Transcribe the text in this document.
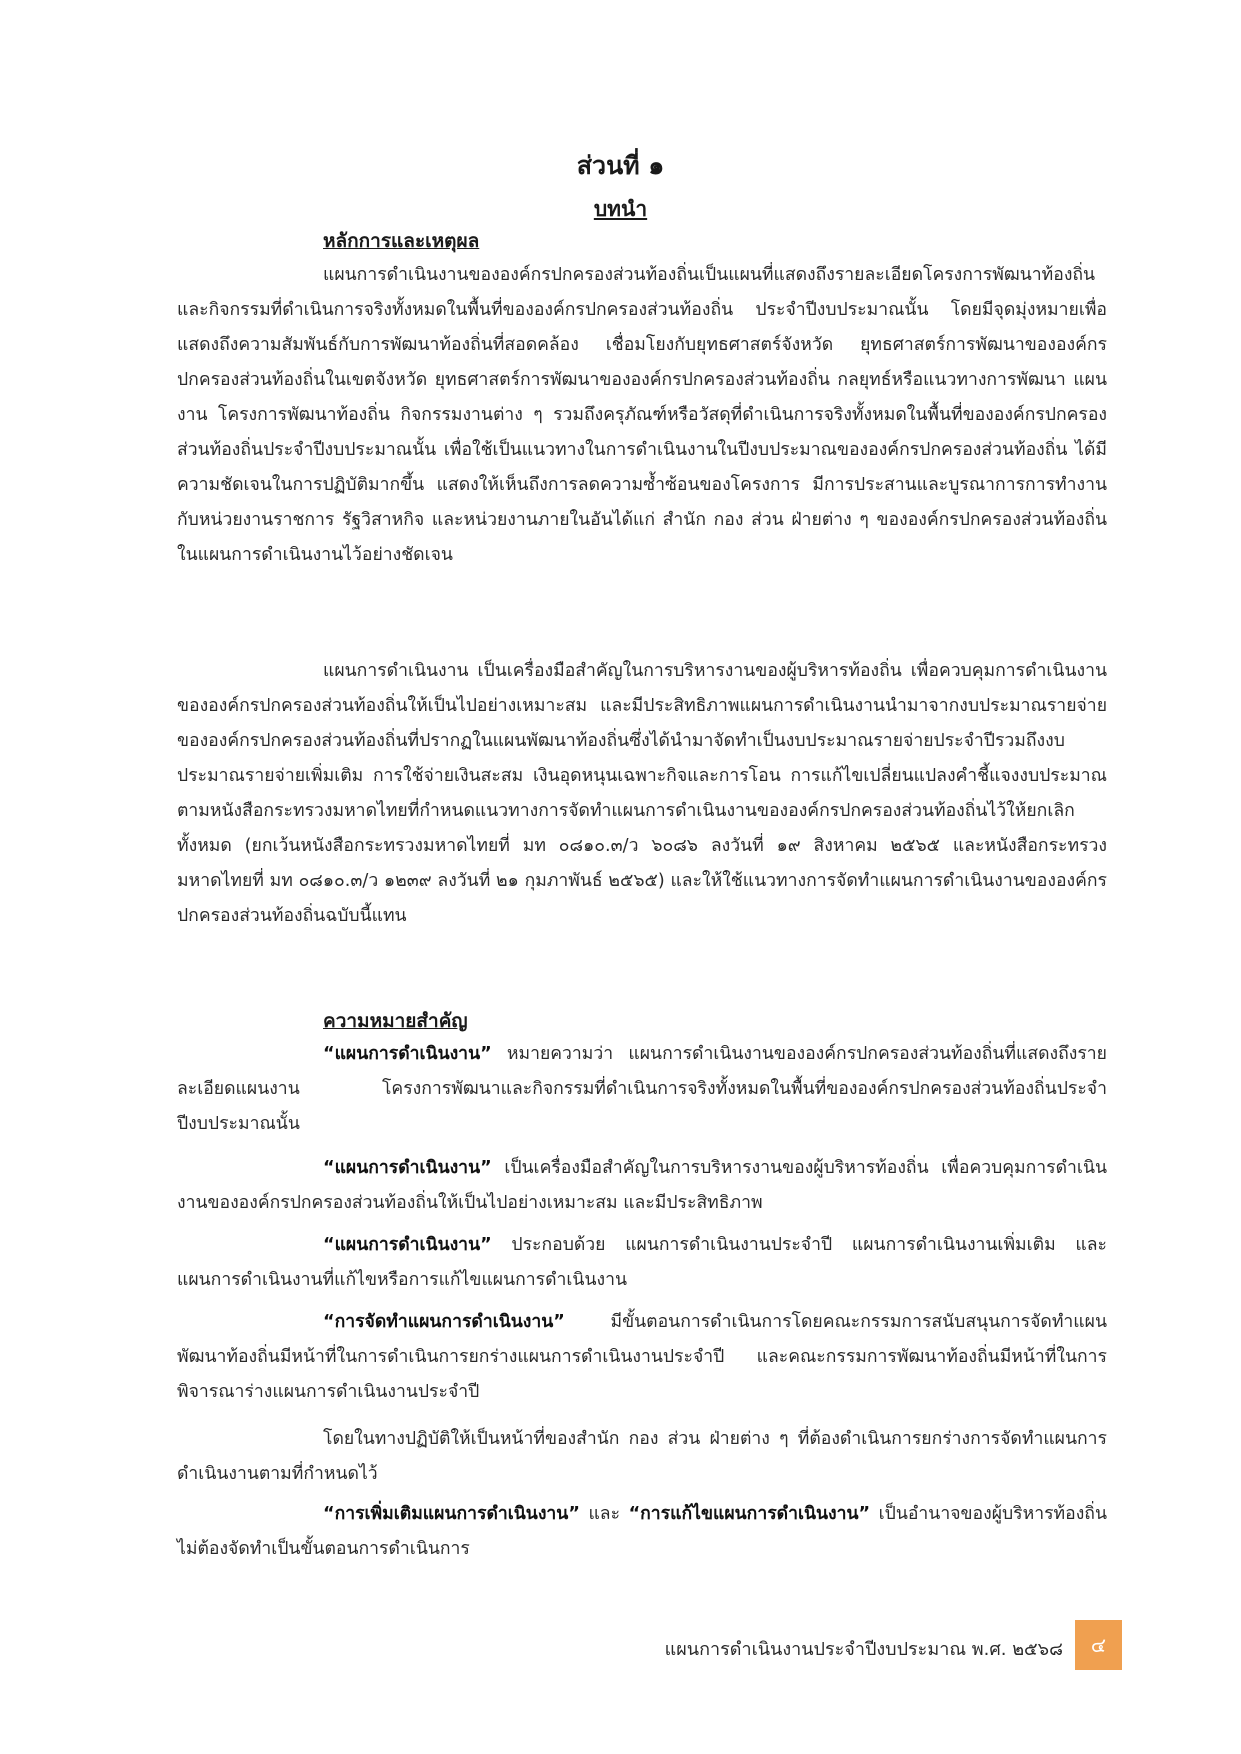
ส่วนที่ ๑
บทนำ
หลักการและเหตุผล

แผนการดำเนินงานขององค์กรปกครองส่วนท้องถิ่นเป็นแผนที่แสดงถึงรายละเอียดโครงการพัฒนาท้องถิ่นและกิจกรรมที่ดำเนินการจริงทั้งหมดในพื้นที่ขององค์กรปกครองส่วนท้องถิ่น ประจำปีงบประมาณนั้น โดยมีจุดมุ่งหมายเพื่อแสดงถึงความสัมพันธ์กับการพัฒนาท้องถิ่นที่สอดคล้อง เชื่อมโยงกับยุทธศาสตร์จังหวัด ยุทธศาสตร์การพัฒนาขององค์กรปกครองส่วนท้องถิ่นในเขตจังหวัด ยุทธศาสตร์การพัฒนาขององค์กรปกครองส่วนท้องถิ่น กลยุทธ์หรือแนวทางการพัฒนา แผนงาน โครงการพัฒนาท้องถิ่น กิจกรรมงานต่าง ๆ รวมถึงครุภัณฑ์หรือวัสดุที่ดำเนินการจริงทั้งหมดในพื้นที่ขององค์กรปกครองส่วนท้องถิ่นประจำปีงบประมาณนั้น เพื่อใช้เป็นแนวทางในการดำเนินงานในปีงบประมาณขององค์กรปกครองส่วนท้องถิ่น ได้มีความชัดเจนในการปฏิบัติมากขึ้น แสดงให้เห็นถึงการลดความซ้ำซ้อนของโครงการ มีการประสานและบูรณาการการทำงานกับหน่วยงานราชการ รัฐวิสาหกิจ และหน่วยงานภายในอันได้แก่ สำนัก กอง ส่วน ฝ่ายต่าง ๆ ขององค์กรปกครองส่วนท้องถิ่นในแผนการดำเนินงานไว้อย่างชัดเจน

แผนการดำเนินงาน เป็นเครื่องมือสำคัญในการบริหารงานของผู้บริหารท้องถิ่น เพื่อควบคุมการดำเนินงานขององค์กรปกครองส่วนท้องถิ่นให้เป็นไปอย่างเหมาะสม และมีประสิทธิภาพแผนการดำเนินงานนำมาจากงบประมาณรายจ่ายขององค์กรปกครองส่วนท้องถิ่นที่ปรากฏในแผนพัฒนาท้องถิ่นซึ่งได้นำมาจัดทำเป็นงบประมาณรายจ่ายประจำปีรวมถึงงบประมาณรายจ่ายเพิ่มเติม การใช้จ่ายเงินสะสม เงินอุดหนุนเฉพาะกิจและการโอน การแก้ไขเปลี่ยนแปลงคำชี้แจงงบประมาณ ตามหนังสือกระทรวงมหาดไทยที่กำหนดแนวทางการจัดทำแผนการดำเนินงานขององค์กรปกครองส่วนท้องถิ่นไว้ให้ยกเลิกทั้งหมด (ยกเว้นหนังสือกระทรวงมหาดไทยที่ มท ๐๘๑๐.๓/ว ๖๐๘๖ ลงวันที่ ๑๙ สิงหาคม ๒๕๖๕ และหนังสือกระทรวงมหาดไทยที่ มท ๐๘๑๐.๓/ว ๑๒๓๙ ลงวันที่ ๒๑ กุมภาพันธ์ ๒๕๖๕) และให้ใช้แนวทางการจัดทำแผนการดำเนินงานขององค์กรปกครองส่วนท้องถิ่นฉบับนี้แทน

ความหมายสำคัญ

“แผนการดำเนินงาน” หมายความว่า แผนการดำเนินงานขององค์กรปกครองส่วนท้องถิ่นที่แสดงถึงรายละเอียดแผนงาน โครงการพัฒนาและกิจกรรมที่ดำเนินการจริงทั้งหมดในพื้นที่ขององค์กรปกครองส่วนท้องถิ่นประจำปีงบประมาณนั้น

“แผนการดำเนินงาน” เป็นเครื่องมือสำคัญในการบริหารงานของผู้บริหารท้องถิ่น เพื่อควบคุมการดำเนินงานขององค์กรปกครองส่วนท้องถิ่นให้เป็นไปอย่างเหมาะสม และมีประสิทธิภาพ

“แผนการดำเนินงาน” ประกอบด้วย แผนการดำเนินงานประจำปี แผนการดำเนินงานเพิ่มเติม และแผนการดำเนินงานที่แก้ไขหรือการแก้ไขแผนการดำเนินงาน

“การจัดทำแผนการดำเนินงาน” มีขั้นตอนการดำเนินการโดยคณะกรรมการสนับสนุนการจัดทำแผนพัฒนาท้องถิ่นมีหน้าที่ในการดำเนินการยกร่างแผนการดำเนินงานประจำปี และคณะกรรมการพัฒนาท้องถิ่นมีหน้าที่ในการพิจารณาร่างแผนการดำเนินงานประจำปี

โดยในทางปฏิบัติให้เป็นหน้าที่ของสำนัก กอง ส่วน ฝ่ายต่าง ๆ ที่ต้องดำเนินการยกร่างการจัดทำแผนการดำเนินงานตามที่กำหนดไว้

“การเพิ่มเติมแผนการดำเนินงาน” และ “การแก้ไขแผนการดำเนินงาน” เป็นอำนาจของผู้บริหารท้องถิ่น ไม่ต้องจัดทำเป็นขั้นตอนการดำเนินการ

แผนการดำเนินงานประจำปีงบประมาณ พ.ศ. ๒๕๖๘	๔
